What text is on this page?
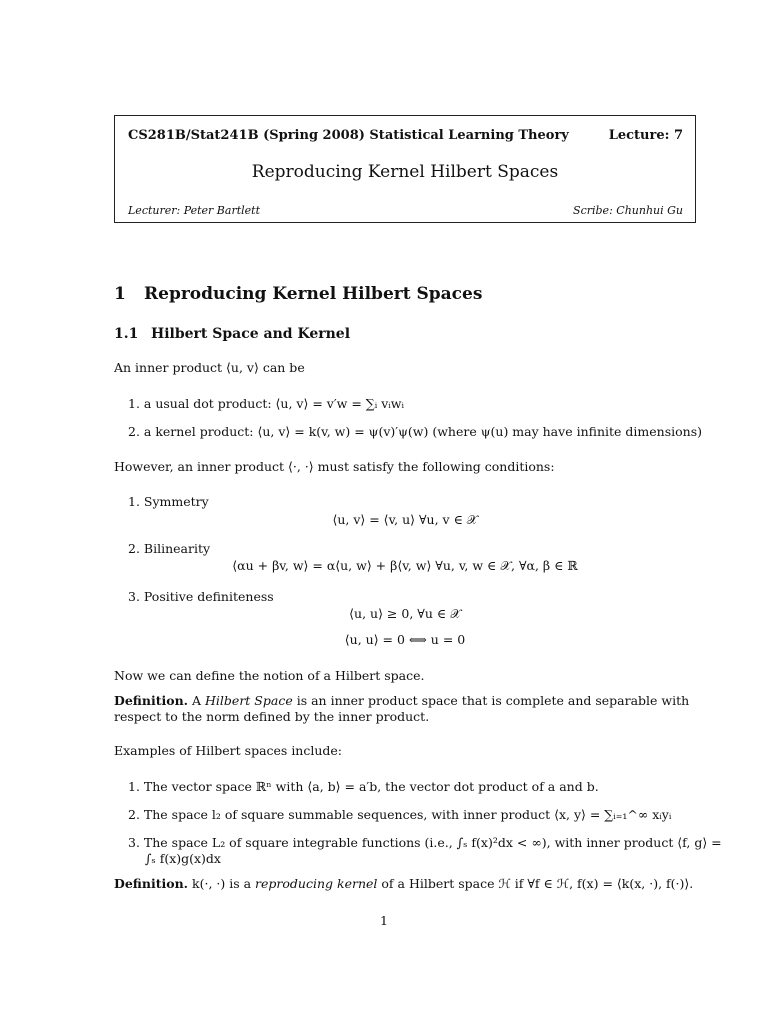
CS281B/Stat241B (Spring 2008) Statistical Learning Theory	Lecture: 7
Reproducing Kernel Hilbert Spaces
Lecturer: Peter Bartlett	Scribe: Chunhui Gu
1 Reproducing Kernel Hilbert Spaces
1.1 Hilbert Space and Kernel
An inner product ⟨u, v⟩ can be
1. a usual dot product: ⟨u, v⟩ = v′w = ∑ᵢ vᵢwᵢ
2. a kernel product: ⟨u, v⟩ = k(v, w) = ψ(v)′ψ(w) (where ψ(u) may have infinite dimensions)
However, an inner product ⟨·, ·⟩ must satisfy the following conditions:
1. Symmetry
⟨u, v⟩ = ⟨v, u⟩ ∀u, v ∈ 𝒳
2. Bilinearity
⟨αu + βv, w⟩ = α⟨u, w⟩ + β⟨v, w⟩ ∀u, v, w ∈ 𝒳, ∀α, β ∈ ℝ
3. Positive definiteness
⟨u, u⟩ ≥ 0, ∀u ∈ 𝒳
⟨u, u⟩ = 0 ⟺ u = 0
Now we can define the notion of a Hilbert space.
Definition. A Hilbert Space is an inner product space that is complete and separable with respect to the norm defined by the inner product.
Examples of Hilbert spaces include:
1. The vector space ℝⁿ with ⟨a, b⟩ = a′b, the vector dot product of a and b.
2. The space l₂ of square summable sequences, with inner product ⟨x, y⟩ = ∑ᵢ₌₁^∞ xᵢyᵢ
3. The space L₂ of square integrable functions (i.e., ∫ₛ f(x)²dx < ∞), with inner product ⟨f, g⟩ =
∫ₛ f(x)g(x)dx
Definition. k(·, ·) is a reproducing kernel of a Hilbert space ℋ if ∀f ∈ ℋ, f(x) = ⟨k(x, ·), f(·)⟩.
1
